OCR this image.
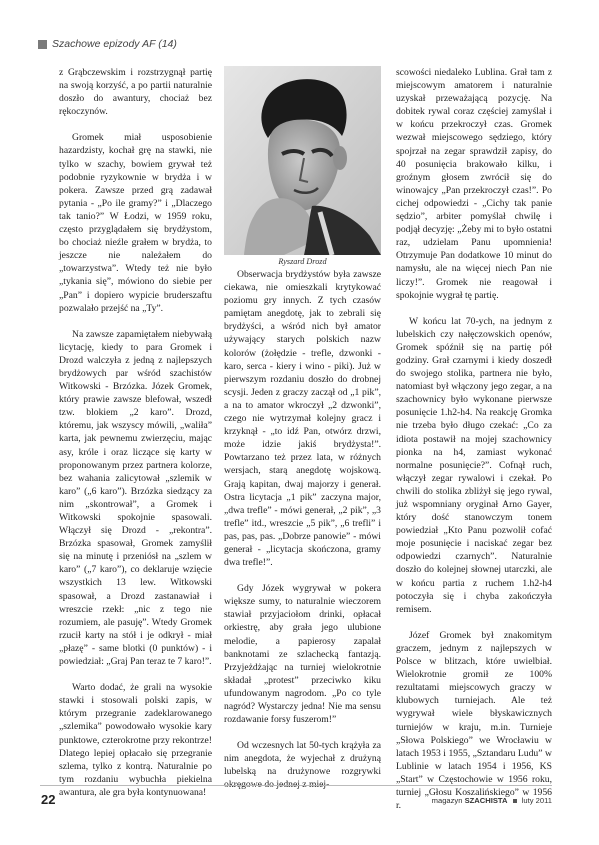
Szachowe epizody AF (14)
Ryszard Drozd

z Grąbczewskim i rozstrzygnął partię na swoją korzyść, a po partii naturalnie doszło do awantury, chociaż bez rękoczynów.

Gromek miał usposobienie hazardzisty, kochał grę na stawki, nie tylko w szachy, bowiem grywał też podobnie ryzykownie w brydża i w pokera. Zawsze przed grą zadawał pytania - „Po ile gramy?” i „Dlaczego tak tanio?” W Łodzi, w 1959 roku, często przyglądałem się brydżystom, bo chociaż nieźle grałem w brydża, to jeszcze nie należałem do „towarzystwa”. Wtedy też nie było „tykania się”, mówiono do siebie per „Pan” i dopiero wypicie bruderszaftu pozwalało przejść na „Ty”.

Na zawsze zapamiętałem niebywałą licytację, kiedy to para Gromek i Drozd walczyła z jedną z najlepszych brydżowych par wśród szachistów Witkowski - Brzózka. Józek Gromek, który prawie zawsze blefował, wszedł tzw. blokiem „2 karo”. Drozd, któremu, jak wszyscy mówili, „waliła” karta, jak pewnemu zwierzęciu, mając asy, króle i oraz liczące się karty w proponowanym przez partnera kolorze, bez wahania zalicytował „szlemik w karo” („6 karo”). Brzózka siedzący za nim „skontrował”, a Gromek i Witkowski spokojnie spasowali. Włączył się Drozd - „rekontra”. Brzózka spasował, Gromek zamyślił się na minutę i przeniósł na „szlem w karo” („7 karo”), co deklaruje wzięcie wszystkich 13 lew. Witkowski spasował, a Drozd zastanawiał i wreszcie rzekł: „nic z tego nie rozumiem, ale pasuję”. Wtedy Gromek rzucił karty na stół i je odkrył - miał „płazę” - same blotki (0 punktów) - i powiedział: „Graj Pan teraz te 7 karo!”.

Warto dodać, że grali na wysokie stawki i stosowali polski zapis, w którym przegranie zadeklarowanego „szlemika” powodowało wysokie kary punktowe, czterokrotne przy rekontrze! Dlatego lepiej opłacało się przegranie szlema, tylko z kontrą. Naturalnie po tym rozdaniu wybuchła piekielna awantura, ale gra była kontynuowana!

Obserwacja brydżystów była zawsze ciekawa, nie omieszkali krytykować poziomu gry innych. Z tych czasów pamiętam anegdotę, jak to zebrali się brydżyści, a wśród nich był amator używający starych polskich nazw kolorów (żołędzie - trefle, dzwonki - karo, serca - kiery i wino - piki). Już w pierwszym rozdaniu doszło do drobnej scysji. Jeden z graczy zaczął od „1 pik”, a na to amator wkroczył „2 dzwonki”, czego nie wytrzymał kolejny gracz i krzyknął - „to idź Pan, otwórz drzwi, może idzie jakiś brydżysta!”. Powtarzano też przez lata, w różnych wersjach, starą anegdotę wojskową. Grają kapitan, dwaj majorzy i generał. Ostra licytacja „1 pik” zaczyna major, „dwa trefle” - mówi generał, „2 pik”, „3 trefle” itd., wreszcie „5 pik”, „6 trefli” i pas, pas, pas. „Dobrze panowie” - mówi generał - „licytacja skończona, gramy dwa trefle!”.

Gdy Józek wygrywał w pokera większe sumy, to naturalnie wieczorem stawiał przyjaciołom drinki, opłacał orkiestrę, aby grała jego ulubione melodie, a papierosy zapalał banknotami ze szlachecką fantazją. Przyjeżdżając na turniej wielokrotnie składał „protest” przeciwko kiku ufundowanym nagrodom. „Po co tyle nagród? Wystarczy jedna! Nie ma sensu rozdawanie forsy fuszerom!”

Od wczesnych lat 50-tych krążyła za nim anegdota, że wyjechał z drużyną lubelską na drużynowe rozgrywki okręgowe do jednej z miej-

scowości niedaleko Lublina. Grał tam z miejscowym amatorem i naturalnie uzyskał przeważającą pozycję. Na dobitek rywal coraz częściej zamyślał i w końcu przekroczył czas. Gromek wezwał miejscowego sędziego, który spojrzał na zegar sprawdził zapisy, do 40 posunięcia brakowało kilku, i groźnym głosem zwrócił się do winowajcy „Pan przekroczył czas!”. Po cichej odpowiedzi - „Cichy tak panie sędzio”, arbiter pomyślał chwilę i podjął decyzję: „Żeby mi to było ostatni raz, udzielam Panu upomnienia! Otrzymuje Pan dodatkowe 10 minut do namysłu, ale na więcej niech Pan nie liczy!”. Gromek nie reagował i spokojnie wygrał tę partię.

W końcu lat 70-ych, na jednym z lubelskich czy nałęczowskich openów, Gromek spóźnił się na partię pół godziny. Grał czarnymi i kiedy doszedł do swojego stolika, partnera nie było, natomiast był włączony jego zegar, a na szachownicy było wykonane pierwsze posunięcie 1.h2-h4. Na reakcję Gromka nie trzeba było długo czekać: „Co za idiota postawił na mojej szachownicy pionka na h4, zamiast wykonać normalne posunięcie?”. Cofnął ruch, włączył zegar rywalowi i czekał. Po chwili do stolika zbliżył się jego rywal, już wspomniany oryginał Arno Gayer, który dość stanowczym tonem powiedział „Kto Panu pozwolił cofać moje posunięcie i naciskać zegar bez odpowiedzi czarnych”. Naturalnie doszło do kolejnej słownej utarczki, ale w końcu partia z ruchem 1.h2-h4 potoczyła się i chyba zakończyła remisem.

Józef Gromek był znakomitym graczem, jednym z najlepszych w Polsce w blitzach, które uwielbiał. Wielokrotnie gromił ze 100% rezultatami miejscowych graczy w klubowych turniejach. Ale też wygrywał wiele błyskawicznych turniejów w kraju, m.in. Turnieje „Słowa Polskiego” we Wrocławiu w latach 1953 i 1955, „Sztandaru Ludu” w Lublinie w latach 1954 i 1956, KS „Start” w Częstochowie w 1956 roku, turniej „Głosu Koszalińskiego” w 1956 r.

22	magazyn SZACHISTA luty 2011
